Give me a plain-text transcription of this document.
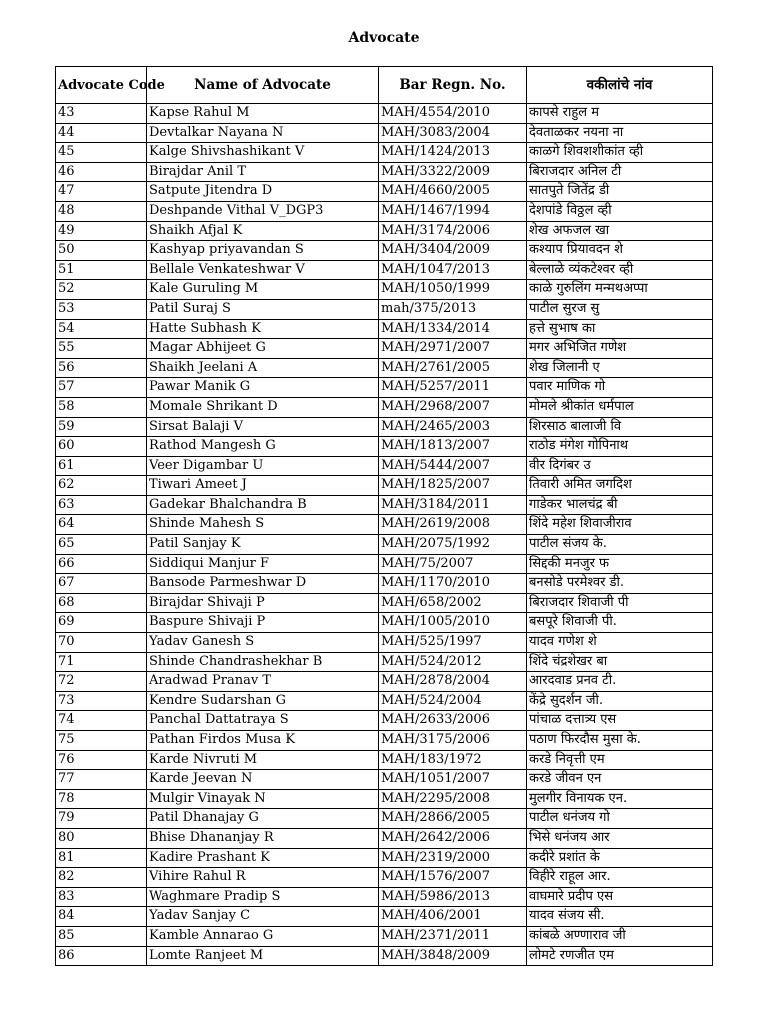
Advocate
Advocate Code	Name of Advocate	Bar Regn. No.	वकीलांचे नांव
43	Kapse Rahul M	MAH/4554/2010	कापसे राहुल म
44	Devtalkar Nayana N	MAH/3083/2004	देवताळकर नयना ना
45	Kalge Shivshashikant V	MAH/1424/2013	काळगे शिवशशीकांत व्ही
46	Birajdar Anil T	MAH/3322/2009	बिराजदार अनिल टी
47	Satpute Jitendra D	MAH/4660/2005	सातपुते जितेंद्र डी
48	Deshpande Vithal V_DGP3	MAH/1467/1994	देशपांडे विठ्ठल व्ही
49	Shaikh Afjal K	MAH/3174/2006	शेख अफजल खा
50	Kashyap priyavandan S	MAH/3404/2009	कश्याप प्रियावदन शे
51	Bellale Venkateshwar V	MAH/1047/2013	बेल्लाळे व्यंकटेश्वर व्ही
52	Kale Guruling M	MAH/1050/1999	काळे गुरुलिंग मन्मथअप्पा
53	Patil Suraj S	mah/375/2013	पाटील सुरज सु
54	Hatte Subhash K	MAH/1334/2014	हत्ते सुभाष का
55	Magar Abhijeet G	MAH/2971/2007	मगर अभिजित गणेश
56	Shaikh Jeelani A	MAH/2761/2005	शेख जिलानी ए
57	Pawar Manik G	MAH/5257/2011	पवार माणिक गो
58	Momale Shrikant D	MAH/2968/2007	मोमले श्रीकांत धर्मपाल
59	Sirsat Balaji V	MAH/2465/2003	शिरसाठ बालाजी वि
60	Rathod Mangesh G	MAH/1813/2007	राठोड मंगेश गोपिनाथ
61	Veer Digambar U	MAH/5444/2007	वीर दिगंबर उ
62	Tiwari Ameet J	MAH/1825/2007	तिवारी अमित जगदिश
63	Gadekar Bhalchandra B	MAH/3184/2011	गाडेकर भालचंद्र बी
64	Shinde Mahesh S	MAH/2619/2008	शिंदे महेश शिवाजीराव
65	Patil Sanjay K	MAH/2075/1992	पाटील संजय के.
66	Siddiqui Manjur F	MAH/75/2007	सिद्दकी मनजुर फ
67	Bansode Parmeshwar D	MAH/1170/2010	बनसोडे परमेश्वर डी.
68	Birajdar Shivaji P	MAH/658/2002	बिराजदार शिवाजी पी
69	Baspure Shivaji P	MAH/1005/2010	बसपूरे शिवाजी पी.
70	Yadav Ganesh S	MAH/525/1997	यादव गणेश शे
71	Shinde Chandrashekhar B	MAH/524/2012	शिंदे चंद्रशेखर बा
72	Aradwad Pranav T	MAH/2878/2004	आरदवाड प्रनव टी.
73	Kendre Sudarshan G	MAH/524/2004	केंद्रे सुदर्शन जी.
74	Panchal Dattatraya S	MAH/2633/2006	पांचाळ दत्तात्र्य एस
75	Pathan Firdos Musa K	MAH/3175/2006	पठाण फिरदौस मुसा के.
76	Karde Nivruti M	MAH/183/1972	करडे निवृत्ती एम
77	Karde Jeevan N	MAH/1051/2007	करडे जीवन एन
78	Mulgir Vinayak N	MAH/2295/2008	मुलगीर विनायक एन.
79	Patil Dhanajay G	MAH/2866/2005	पाटील धनंजय गो
80	Bhise Dhananjay R	MAH/2642/2006	भिसे धनंजय आर
81	Kadire Prashant K	MAH/2319/2000	कदीरे प्रशांत के
82	Vihire Rahul R	MAH/1576/2007	विहीरे राहूल आर.
83	Waghmare Pradip S	MAH/5986/2013	वाघमारे प्रदीप एस
84	Yadav Sanjay C	MAH/406/2001	यादव संजय सी.
85	Kamble Annarao G	MAH/2371/2011	कांबळे अण्णाराव जी
86	Lomte Ranjeet M	MAH/3848/2009	लोमटे रणजीत एम
